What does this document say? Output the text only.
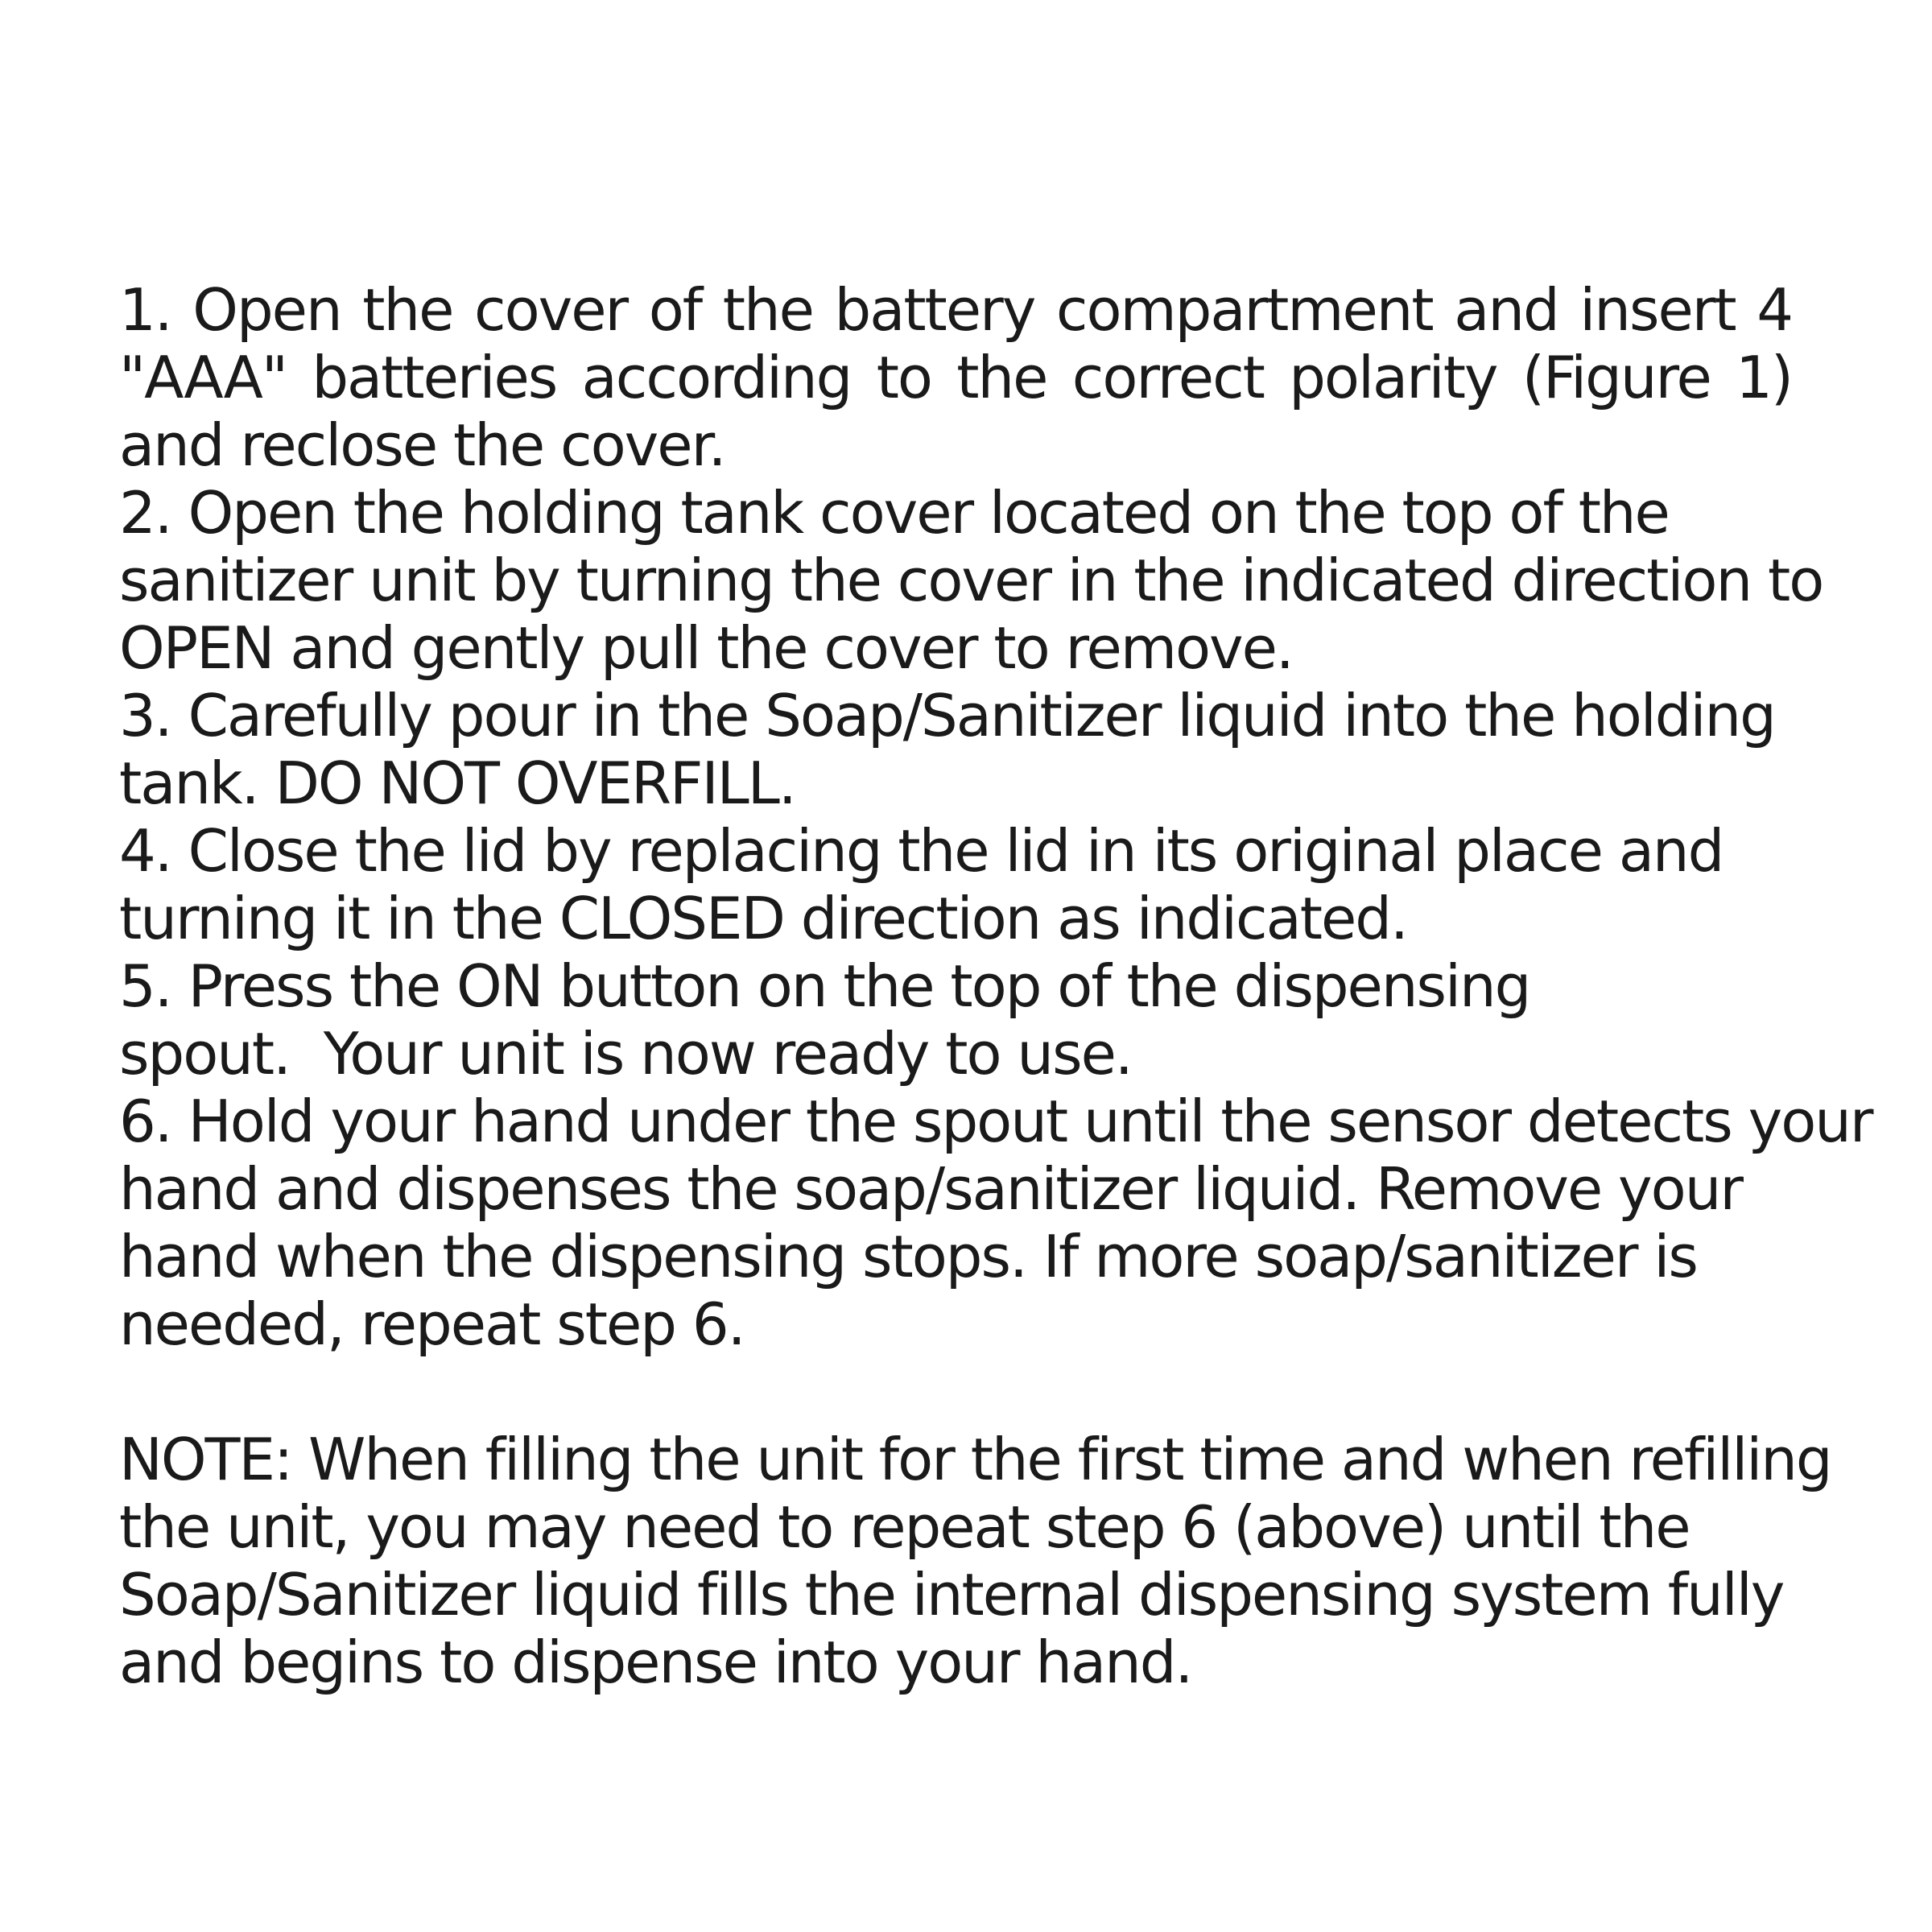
1. Open the cover of the battery compartment and insert 4
"AAA" batteries according to the correct polarity (Figure 1)
and reclose the cover.

2. Open the holding tank cover located on the top of the
sanitizer unit by turning the cover in the indicated direction to
OPEN and gently pull the cover to remove.

3. Carefully pour in the Soap/Sanitizer liquid into the holding
tank. DO NOT OVERFILL.

4. Close the lid by replacing the lid in its original place and
turning it in the CLOSED direction as indicated.

5. Press the ON button on the top of the dispensing
spout.  Your unit is now ready to use.

6. Hold your hand under the spout until the sensor detects your
hand and dispenses the soap/sanitizer liquid. Remove your
hand when the dispensing stops. If more soap/sanitizer is
needed, repeat step 6.

NOTE: When filling the unit for the first time and when refilling
the unit, you may need to repeat step 6 (above) until the
Soap/Sanitizer liquid fills the internal dispensing system fully
and begins to dispense into your hand.
